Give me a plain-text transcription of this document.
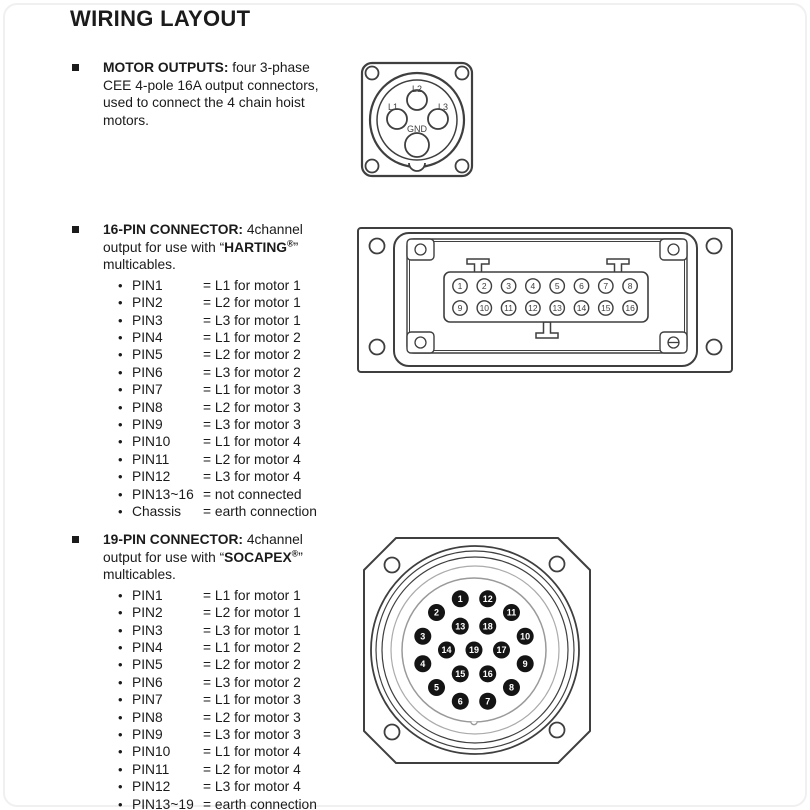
WIRING LAYOUT
MOTOR OUTPUTS: four 3-phase CEE 4-pole 16A output connectors, used to connect the 4 chain hoist motors.
16-PIN CONNECTOR: 4channel output for use with “HARTING®” multicables.
• PIN1	= L1 for motor 1
• PIN2	= L2 for motor 1
• PIN3	= L3 for motor 1
• PIN4	= L1 for motor 2
• PIN5	= L2 for motor 2
• PIN6	= L3 for motor 2
• PIN7	= L1 for motor 3
• PIN8	= L2 for motor 3
• PIN9	= L3 for motor 3
• PIN10	= L1 for motor 4
• PIN11	= L2 for motor 4
• PIN12	= L3 for motor 4
• PIN13~16 = not connected
• Chassis	= earth connection
19-PIN CONNECTOR: 4channel output for use with “SOCAPEX®” multicables.
• PIN1	= L1 for motor 1
• PIN2	= L2 for motor 1
• PIN3	= L3 for motor 1
• PIN4	= L1 for motor 2
• PIN5	= L2 for motor 2
• PIN6	= L3 for motor 2
• PIN7	= L1 for motor 3
• PIN8	= L2 for motor 3
• PIN9	= L3 for motor 3
• PIN10	= L1 for motor 4
• PIN11	= L2 for motor 4
• PIN12	= L3 for motor 4
• PIN13~19 = earth connection
L2
L1	L3
GND
1 2 3 4 5 6 7 8
9 10 11 12 13 14 15 16
12
11
10
9
8
7
6
5
4
3
2
1
18
17
16
15
14
13
19
